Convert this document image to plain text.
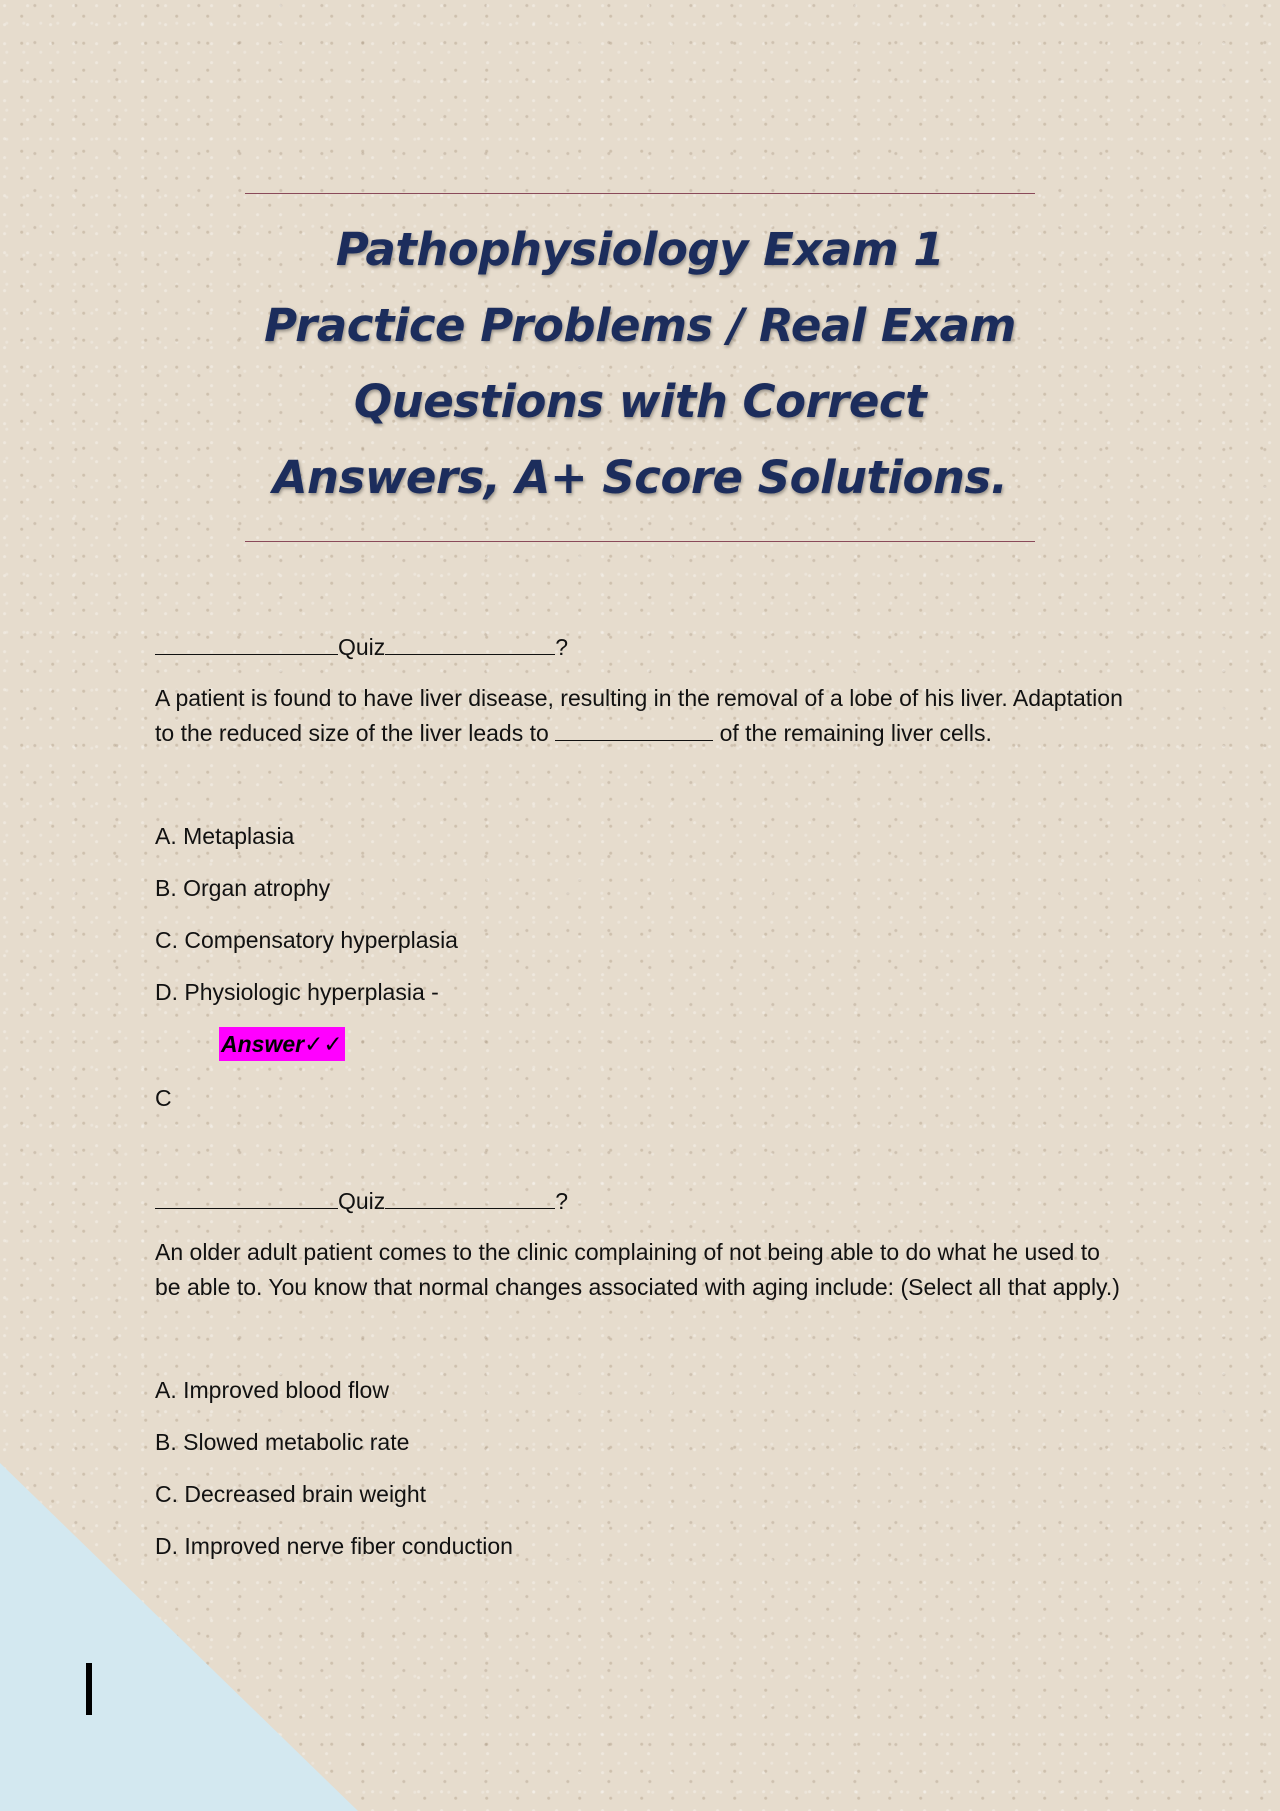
Pathophysiology Exam 1 Practice Problems / Real Exam Questions with Correct Answers, A+ Score Solutions.

Quiz	?

A patient is found to have liver disease, resulting in the removal of a lobe of his liver. Adaptation to the reduced size of the liver leads to	of the remaining liver cells.

A. Metaplasia
B. Organ atrophy
C. Compensatory hyperplasia
D. Physiologic hyperplasia -
Answer✓✓

C

Quiz	?

An older adult patient comes to the clinic complaining of not being able to do what he used to be able to. You know that normal changes associated with aging include: (Select all that apply.)

A. Improved blood flow
B. Slowed metabolic rate
C. Decreased brain weight
D. Improved nerve fiber conduction
